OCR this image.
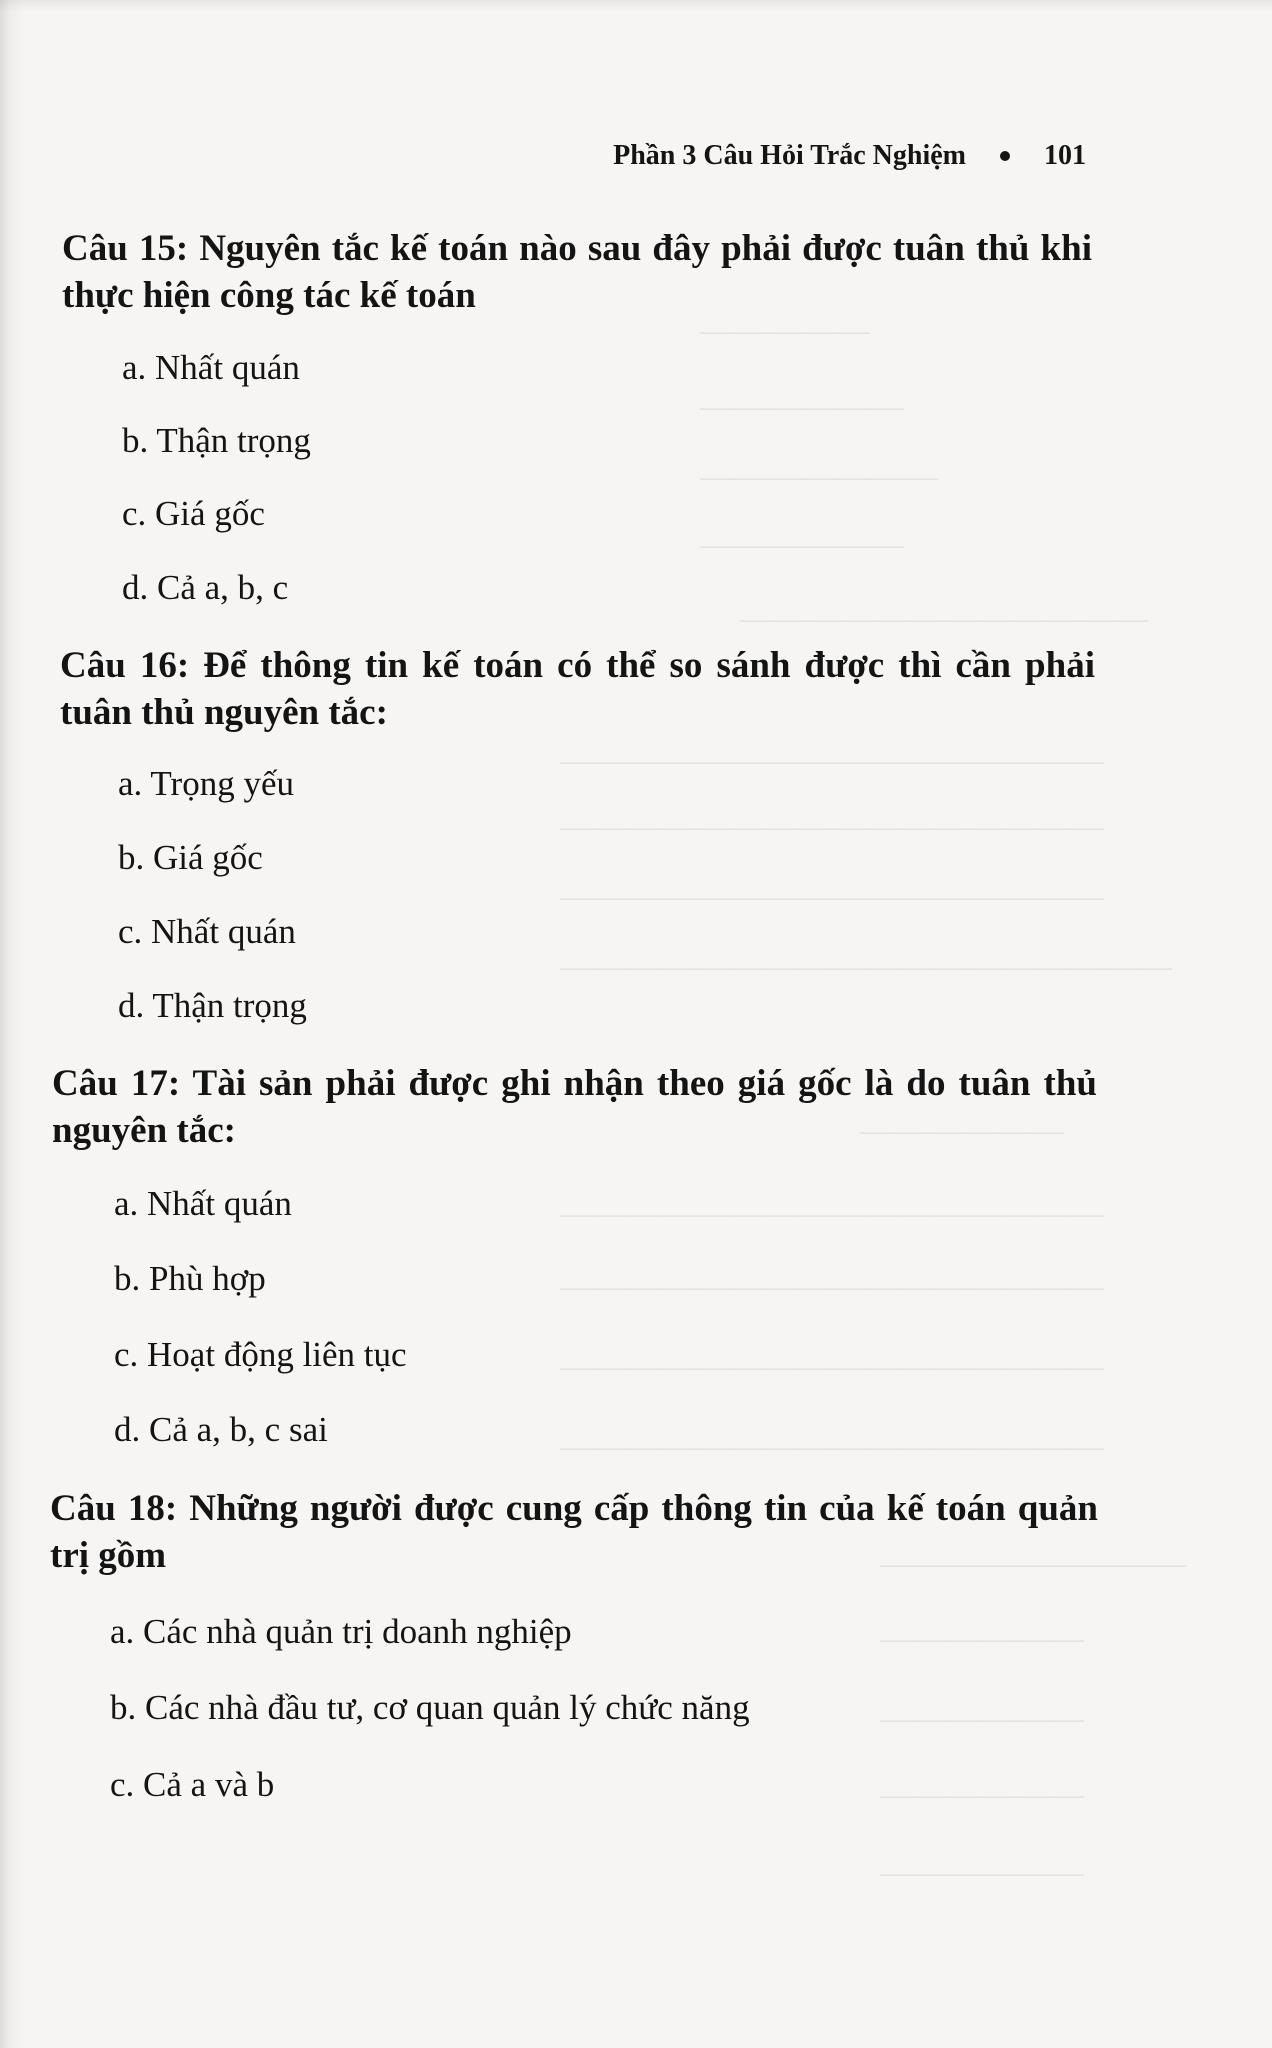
—————
——————
———————
——————
————————————
————————————————
————————————————
————————————————
——————————————————
——————
————————————————
————————————————
————————————————
————————————————
—————————
——————
——————
——————
——————
Phần 3 Câu Hỏi Trắc Nghiệm	101

Câu 15: Nguyên tắc kế toán nào sau đây phải được tuân thủ khi thực hiện công tác kế toán

a. Nhất quán
b. Thận trọng
c. Giá gốc
d. Cả a, b, c

Câu 16: Để thông tin kế toán có thể so sánh được thì cần phải tuân thủ nguyên tắc:

a. Trọng yếu
b. Giá gốc
c. Nhất quán
d. Thận trọng

Câu 17: Tài sản phải được ghi nhận theo giá gốc là do tuân thủ nguyên tắc:

a. Nhất quán
b. Phù hợp
c. Hoạt động liên tục
d. Cả a, b, c sai

Câu 18: Những người được cung cấp thông tin của kế toán quản trị gồm

a. Các nhà quản trị doanh nghiệp
b. Các nhà đầu tư, cơ quan quản lý chức năng
c. Cả a và b
